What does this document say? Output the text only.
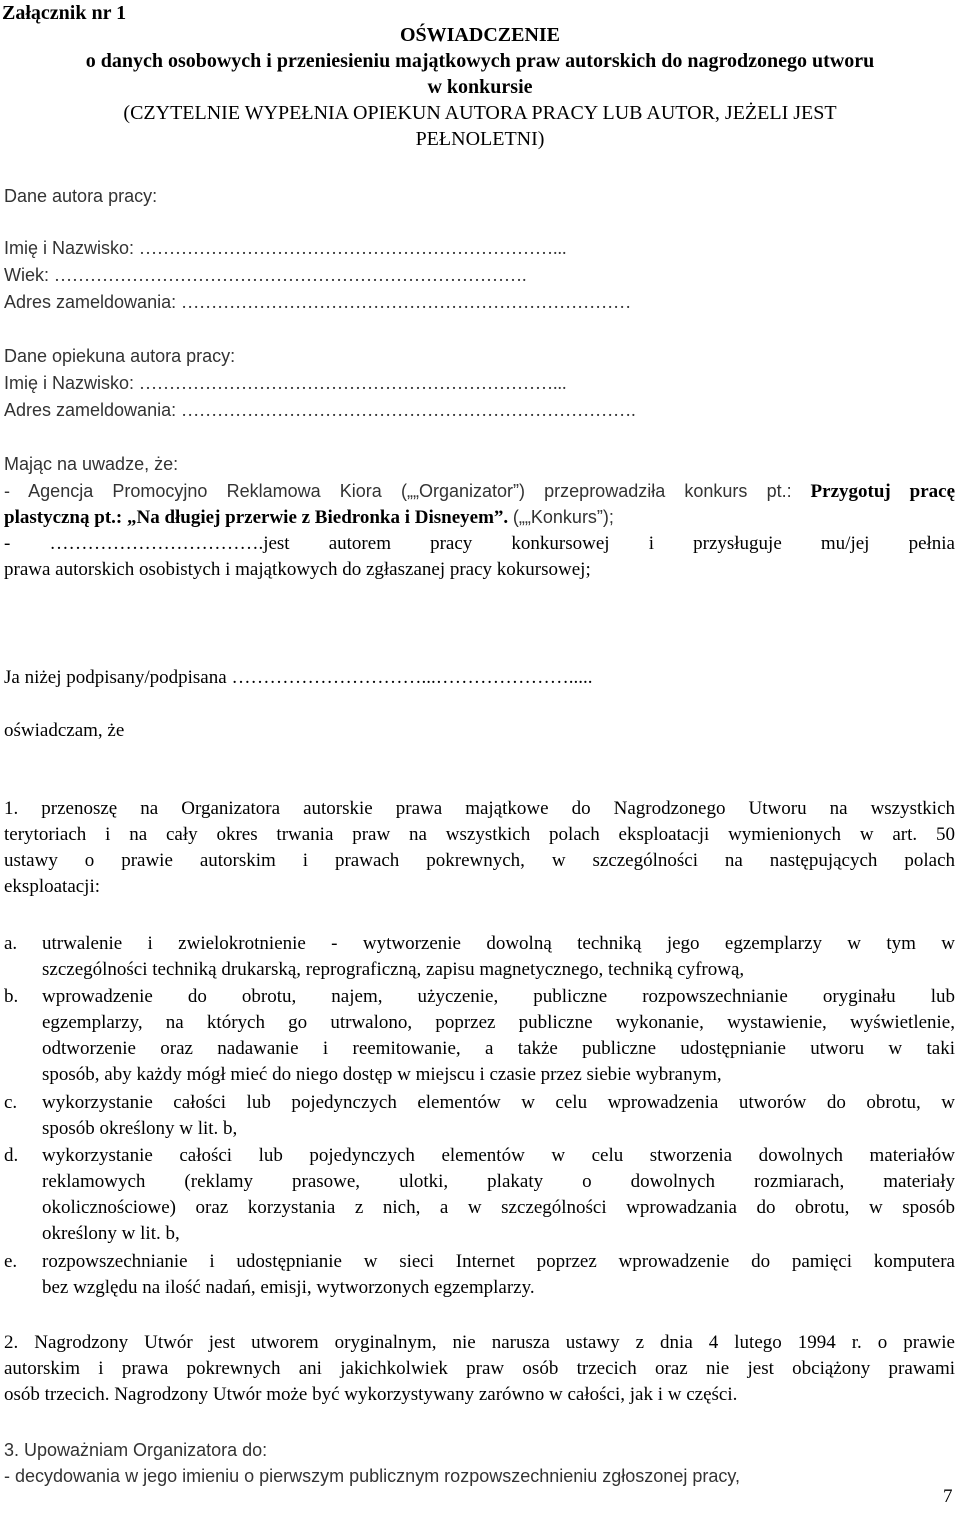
Załącznik nr 1
OŚWIADCZENIE
o danych osobowych i przeniesieniu majątkowych praw autorskich do nagrodzonego utworu
w konkursie
(CZYTELNIE WYPEŁNIA OPIEKUN AUTORA PRACY LUB AUTOR, JEŻELI JEST
PEŁNOLETNI)
Dane autora pracy:
Imię i Nazwisko: ……………………………………………………………...
Wiek: …………………………………………………………………….
Adres zameldowania: …………………………………………………………………
Dane opiekuna autora pracy:
Imię i Nazwisko: ……………………………………………………………...
Adres zameldowania: ………………………………………………………………….
Mając na uwadze, że:
- Agencja Promocyjno Reklamowa Kiora („„Organizator”) przeprowadziła konkurs pt.: Przygotuj pracę
plastyczną pt.: „Na długiej przerwie z Biedronka i Disneyem”. („„Konkurs”);
- …………………………….jest autorem pracy konkursowej i przysługuje mu/jej pełnia
prawa autorskich osobistych i majątkowych do zgłaszanej pracy kokursowej;
Ja niżej podpisany/podpisana …………………………...………………….....
oświadczam, że
1. przenoszę na Organizatora autorskie prawa majątkowe do Nagrodzonego Utworu na wszystkich
terytoriach i na cały okres trwania praw na wszystkich polach eksploatacji wymienionych w art. 50
ustawy o prawie autorskim i prawach pokrewnych, w szczególności na następujących polach
eksploatacji:
a. utrwalenie i zwielokrotnienie - wytworzenie dowolną techniką jego egzemplarzy w tym w
szczególności techniką drukarską, reprograficzną, zapisu magnetycznego, techniką cyfrową,
b. wprowadzenie do obrotu, najem, użyczenie, publiczne rozpowszechnianie oryginału lub
egzemplarzy, na których go utrwalono, poprzez publiczne wykonanie, wystawienie, wyświetlenie,
odtworzenie oraz nadawanie i reemitowanie, a także publiczne udostępnianie utworu w taki
sposób, aby każdy mógł mieć do niego dostęp w miejscu i czasie przez siebie wybranym,
c. wykorzystanie całości lub pojedynczych elementów w celu wprowadzenia utworów do obrotu, w
sposób określony w lit. b,
d. wykorzystanie całości lub pojedynczych elementów w celu stworzenia dowolnych materiałów
reklamowych (reklamy prasowe, ulotki, plakaty o dowolnych rozmiarach, materiały
okolicznościowe) oraz korzystania z nich, a w szczególności wprowadzania do obrotu, w sposób
określony w lit. b,
e. rozpowszechnianie i udostępnianie w sieci Internet poprzez wprowadzenie do pamięci komputera
bez względu na ilość nadań, emisji, wytworzonych egzemplarzy.
2. Nagrodzony Utwór jest utworem oryginalnym, nie narusza ustawy z dnia 4 lutego 1994 r. o prawie
autorskim i prawa pokrewnych ani jakichkolwiek praw osób trzecich oraz nie jest obciążony prawami
osób trzecich. Nagrodzony Utwór może być wykorzystywany zarówno w całości, jak i w części.
3. Upoważniam Organizatora do:
- decydowania w jego imieniu o pierwszym publicznym rozpowszechnieniu zgłoszonej pracy,
7
